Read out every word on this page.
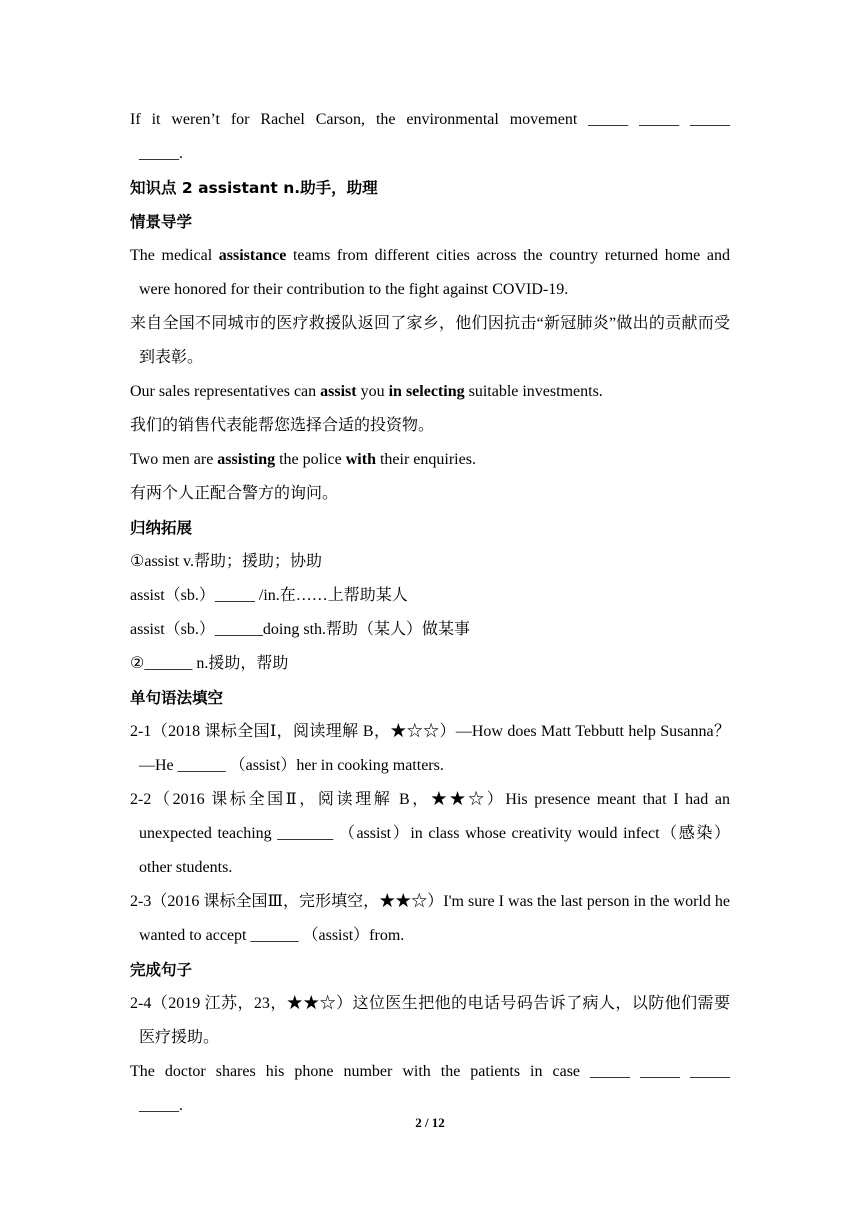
If it weren’t for Rachel Carson, the environmental movement _____ _____ _____

_____.

知识点 2 assistant n.助手，助理

情景导学

The medical assistance teams from different cities across the country returned home and were honored for their contribution to the fight against COVID-19.

来自全国不同城市的医疗救援队返回了家乡，他们因抗击“新冠肺炎”做出的贡献而受到表彰。

Our sales representatives can assist you in selecting suitable investments.

我们的销售代表能帮您选择合适的投资物。

Two men are assisting the police with their enquiries.

有两个人正配合警方的询问。

归纳拓展

①assist v.帮助；援助；协助

assist（sb.）_____ /in.在……上帮助某人

assist（sb.）______doing sth.帮助（某人）做某事

②______ n.援助，帮助

单句语法填空

2-1（2018 课标全国Ⅰ，阅读理解 B，★☆☆）—How does Matt Tebbutt help Susanna？—He ______ （assist）her in cooking matters.

2-2（2016 课标全国Ⅱ，阅读理解 B，★★☆）His presence meant that I had an unexpected teaching _______ （assist）in class whose creativity would infect（感染）other students.

2-3（2016 课标全国Ⅲ，完形填空，★★☆）I'm sure I was the last person in the world he wanted to accept ______ （assist）from.

完成句子

2-4（2019 江苏，23，★★☆）这位医生把他的电话号码告诉了病人，以防他们需要医疗援助。

The doctor shares his phone number with the patients in case _____ _____ _____

_____.

2 / 12
